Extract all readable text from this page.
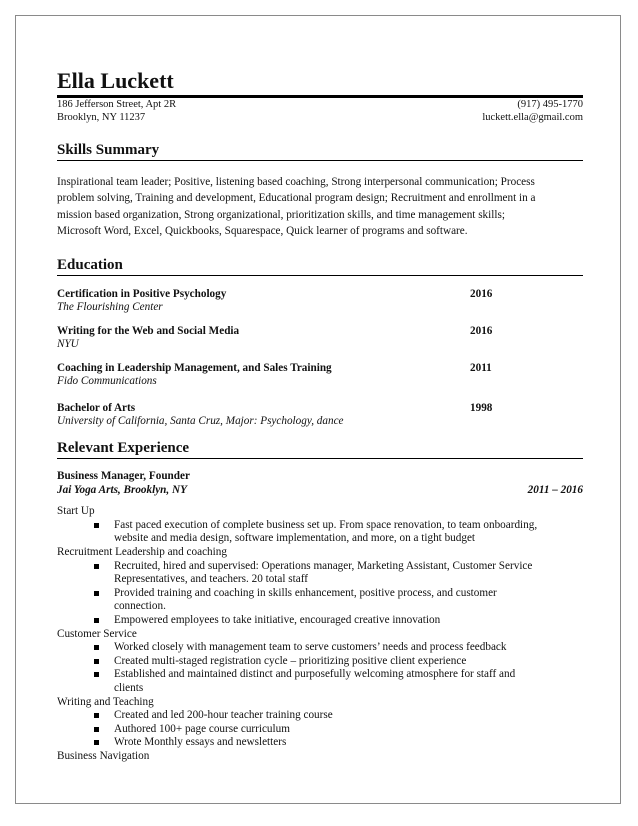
Ella Luckett
186 Jefferson Street, Apt 2R
Brooklyn, NY 11237
(917) 495-1770
luckett.ella@gmail.com
Skills Summary

Inspirational team leader; Positive, listening based coaching, Strong interpersonal communication; Process

problem solving, Training and development, Educational program design; Recruitment and enrollment in a

mission based organization, Strong organizational, prioritization skills, and time management skills;

Microsoft Word, Excel, Quickbooks, Squarespace, Quick learner of programs and software.

Education
Certification in Positive Psychology	2016
The Flourishing Center
Writing for the Web and Social Media	2016
NYU
Coaching in Leadership Management, and Sales Training	2011
Fido Communications
Bachelor of Arts	1998
University of California, Santa Cruz, Major: Psychology, dance
Relevant Experience
Business Manager, Founder
Jai Yoga Arts, Brooklyn, NY	2011 – 2016
Start Up
Fast paced execution of complete business set up. From space renovation, to team onboarding,
website and media design, software implementation, and more, on a tight budget
Recruitment Leadership and coaching
Recruited, hired and supervised: Operations manager, Marketing Assistant, Customer Service
Representatives, and teachers. 20 total staff
Provided training and coaching in skills enhancement, positive process, and customer
connection.
Empowered employees to take initiative, encouraged creative innovation
Customer Service
Worked closely with management team to serve customers’ needs and process feedback
Created multi-staged registration cycle – prioritizing positive client experience
Established and maintained distinct and purposefully welcoming atmosphere for staff and
clients
Writing and Teaching
Created and led 200-hour teacher training course
Authored 100+ page course curriculum
Wrote Monthly essays and newsletters
Business Navigation
